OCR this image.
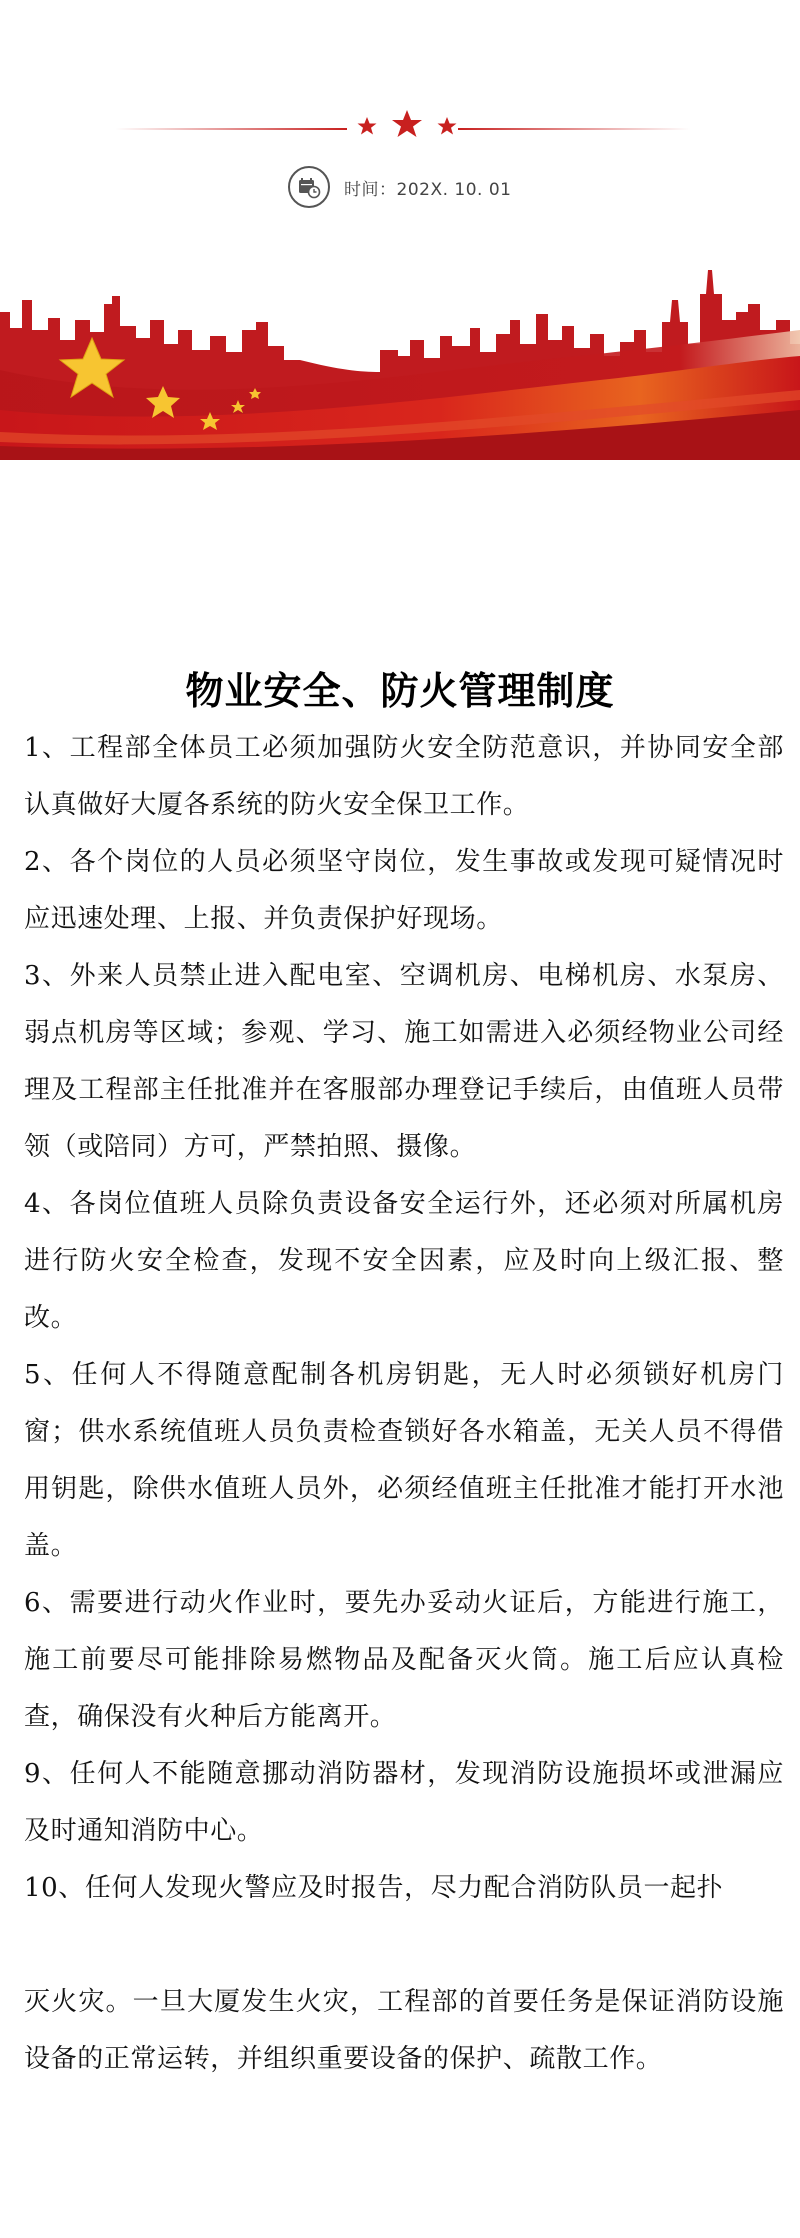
时间：202X. 10. 01
物业安全、防火管理制度

1、工程部全体员工必须加强防火安全防范意识，并协同安全部认真做好大厦各系统的防火安全保卫工作。

2、各个岗位的人员必须坚守岗位，发生事故或发现可疑情况时应迅速处理、上报、并负责保护好现场。

3、外来人员禁止进入配电室、空调机房、电梯机房、水泵房、弱点机房等区域；参观、学习、施工如需进入必须经物业公司经理及工程部主任批准并在客服部办理登记手续后，由值班人员带领（或陪同）方可，严禁拍照、摄像。

4、各岗位值班人员除负责设备安全运行外，还必须对所属机房进行防火安全检查，发现不安全因素，应及时向上级汇报、整改。

5、任何人不得随意配制各机房钥匙，无人时必须锁好机房门窗；供水系统值班人员负责检查锁好各水箱盖，无关人员不得借用钥匙，除供水值班人员外，必须经值班主任批准才能打开水池盖。

6、需要进行动火作业时，要先办妥动火证后，方能进行施工，施工前要尽可能排除易燃物品及配备灭火筒。施工后应认真检查，确保没有火种后方能离开。

9、任何人不能随意挪动消防器材，发现消防设施损坏或泄漏应及时通知消防中心。

10、任何人发现火警应及时报告，尽力配合消防队员一起扑

灭火灾。一旦大厦发生火灾，工程部的首要任务是保证消防设施设备的正常运转，并组织重要设备的保护、疏散工作。
